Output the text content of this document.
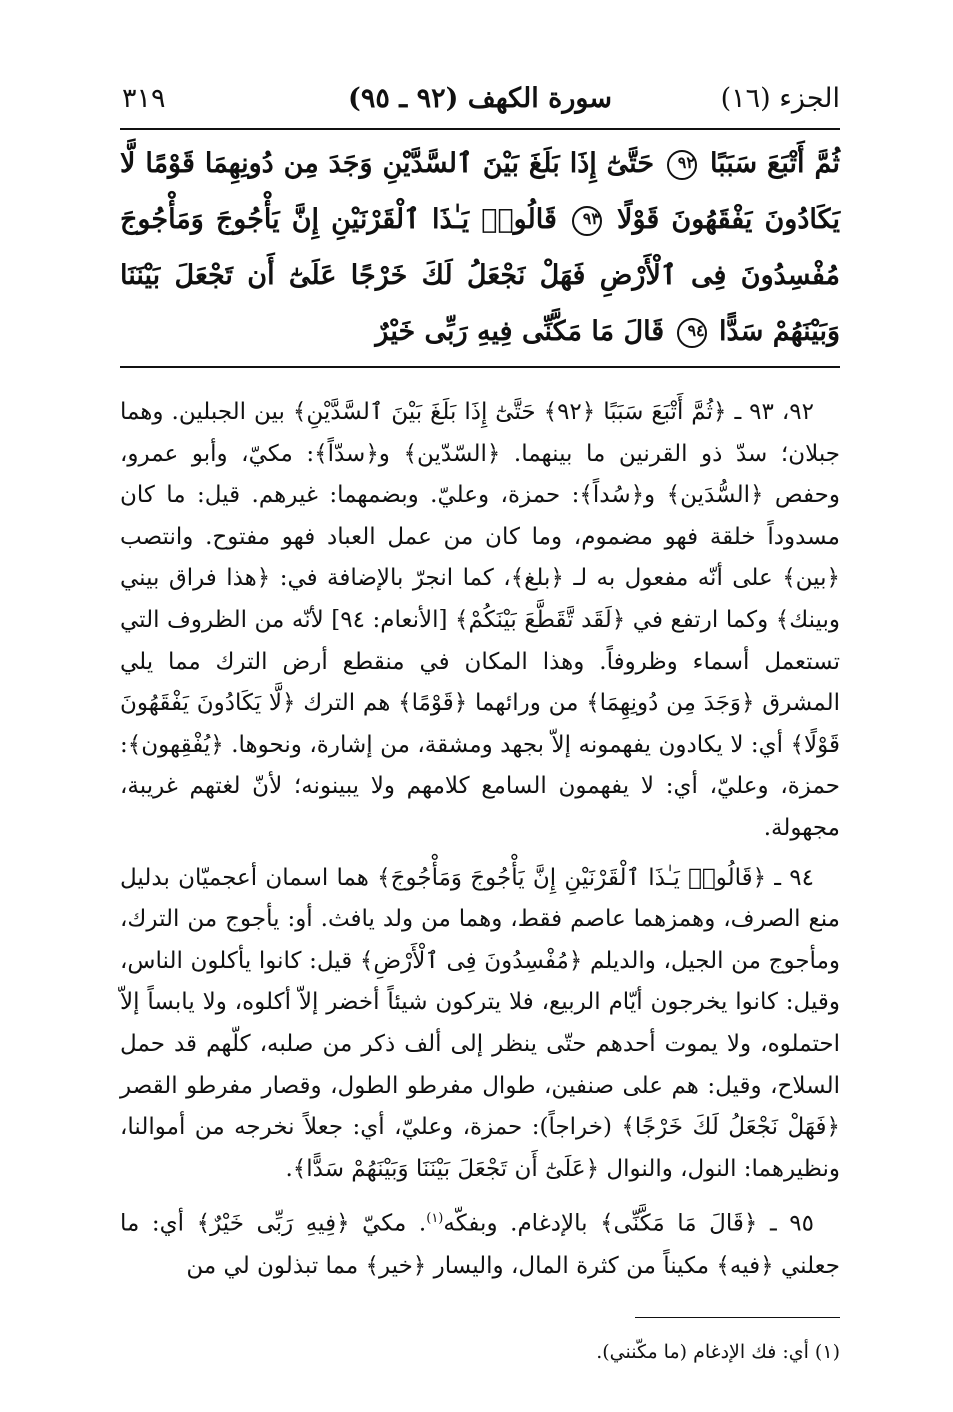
الجزء (١٦)
سورة الكهف (٩٢ ـ ٩٥)
٣١٩
ثُمَّ أَتْبَعَ سَبَبًا ٩٢ حَتَّىٰٓ إِذَا بَلَغَ بَيْنَ ٱلسَّدَّيْنِ وَجَدَ مِن دُونِهِمَا قَوْمًا لَّا يَكَادُونَ يَفْقَهُونَ قَوْلًا ٩٣ قَالُوا۟ يَـٰذَا ٱلْقَرْنَيْنِ إِنَّ يَأْجُوجَ وَمَأْجُوجَ مُفْسِدُونَ فِى ٱلْأَرْضِ فَهَلْ نَجْعَلُ لَكَ خَرْجًا عَلَىٰٓ أَن تَجْعَلَ بَيْنَنَا وَبَيْنَهُمْ سَدًّا ٩٤ قَالَ مَا مَكَّنِّى فِيهِ رَبِّى خَيْرٌ

٩٢، ٩٣ ـ ﴿ثُمَّ أَتْبَعَ سَبَبًا ﴿٩٢﴾ حَتَّىٰٓ إِذَا بَلَغَ بَيْنَ ٱلسَّدَّيْنِ﴾ بين الجبلين. وهما جبلان؛ سدّ ذو القرنين ما بينهما. ﴿السّدّين﴾ و﴿سدّاً﴾: مكيّ، وأبو عمرو، وحفص ﴿السُّدَين﴾ و﴿سُداً﴾: حمزة، وعليّ. وبضمهما: غيرهم. قيل: ما كان مسدوداً خلقة فهو مضموم، وما كان من عمل العباد فهو مفتوح. وانتصب ﴿بين﴾ على أنّه مفعول به لـ ﴿بلغ﴾، كما انجرّ بالإضافة في: ﴿هذا فراق بيني وبينك﴾ وكما ارتفع في ﴿لَقَد تَّقَطَّعَ بَيْنَكُمْ﴾ [الأنعام: ٩٤] لأنّه من الظروف التي تستعمل أسماء وظروفاً. وهذا المكان في منقطع أرض الترك مما يلي المشرق ﴿وَجَدَ مِن دُونِهِمَا﴾ من ورائهما ﴿قَوْمًا﴾ هم الترك ﴿لَّا يَكَادُونَ يَفْقَهُونَ قَوْلًا﴾ أي: لا يكادون يفهمونه إلاّ بجهد ومشقة، من إشارة، ونحوها. ﴿يُفْقِهون﴾: حمزة، وعليّ، أي: لا يفهمون السامع كلامهم ولا يبينونه؛ لأنّ لغتهم غريبة، مجهولة.

٩٤ ـ ﴿قَالُوا۟ يَـٰذَا ٱلْقَرْنَيْنِ إِنَّ يَأْجُوجَ وَمَأْجُوجَ﴾ هما اسمان أعجميّان بدليل منع الصرف، وهمزهما عاصم فقط، وهما من ولد يافث. أو: يأجوج من الترك، ومأجوج من الجيل، والديلم ﴿مُفْسِدُونَ فِى ٱلْأَرْضِ﴾ قيل: كانوا يأكلون الناس، وقيل: كانوا يخرجون أيّام الربيع، فلا يتركون شيئاً أخضر إلاّ أكلوه، ولا يابساً إلاّ احتملوه، ولا يموت أحدهم حتّى ينظر إلى ألف ذكر من صلبه، كلّهم قد حمل السلاح، وقيل: هم على صنفين، طوال مفرطو الطول، وقصار مفرطو القصر ﴿فَهَلْ نَجْعَلُ لَكَ خَرْجًا﴾ (خراجاً): حمزة، وعليّ، أي: جعلاً نخرجه من أموالنا، ونظيرهما: النول، والنوال ﴿عَلَىٰٓ أَن تَجْعَلَ بَيْنَنَا وَبَيْنَهُمْ سَدًّا﴾.

٩٥ ـ ﴿قَالَ مَا مَكَّنِّى﴾ بالإدغام. وبفكّه$^{(١)}$. مكيّ ﴿فِيهِ رَبِّى خَيْرٌ﴾ أي: ما جعلني ﴿فيه﴾ مكيناً من كثرة المال، واليسار ﴿خير﴾ مما تبذلون لي من

(١) أي: فك الإدغام (ما مكّنني).
